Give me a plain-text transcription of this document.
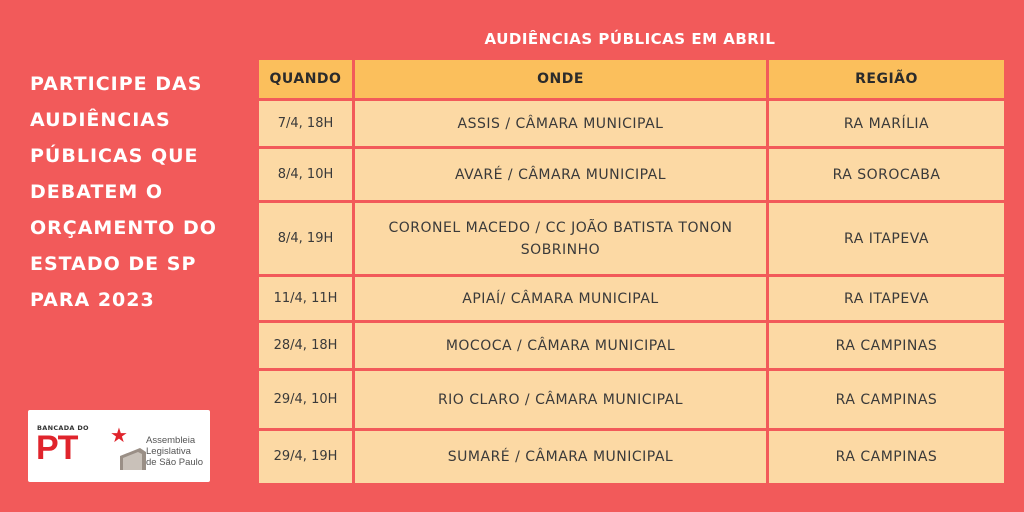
PARTICIPE DAS AUDIÊNCIAS PÚBLICAS QUE DEBATEM O ORÇAMENTO DO ESTADO DE SP PARA 2023
AUDIÊNCIAS PÚBLICAS EM ABRIL
QUANDO	ONDE	REGIÃO
7/4, 18H	ASSIS / CÂMARA MUNICIPAL	RA MARÍLIA
8/4, 10H	AVARÉ / CÂMARA MUNICIPAL	RA SOROCABA
8/4, 19H	CORONEL MACEDO / CC JOÃO BATISTA TONON SOBRINHO	RA ITAPEVA
11/4, 11H	APIAÍ/ CÂMARA MUNICIPAL	RA ITAPEVA
28/4, 18H	MOCOCA / CÂMARA MUNICIPAL	RA CAMPINAS
29/4, 10H	RIO CLARO / CÂMARA MUNICIPAL	RA CAMPINAS
29/4, 19H	SUMARÉ / CÂMARA MUNICIPAL	RA CAMPINAS
BANCADA DO
PT ★ Assembleia
Legislativa
de São Paulo
